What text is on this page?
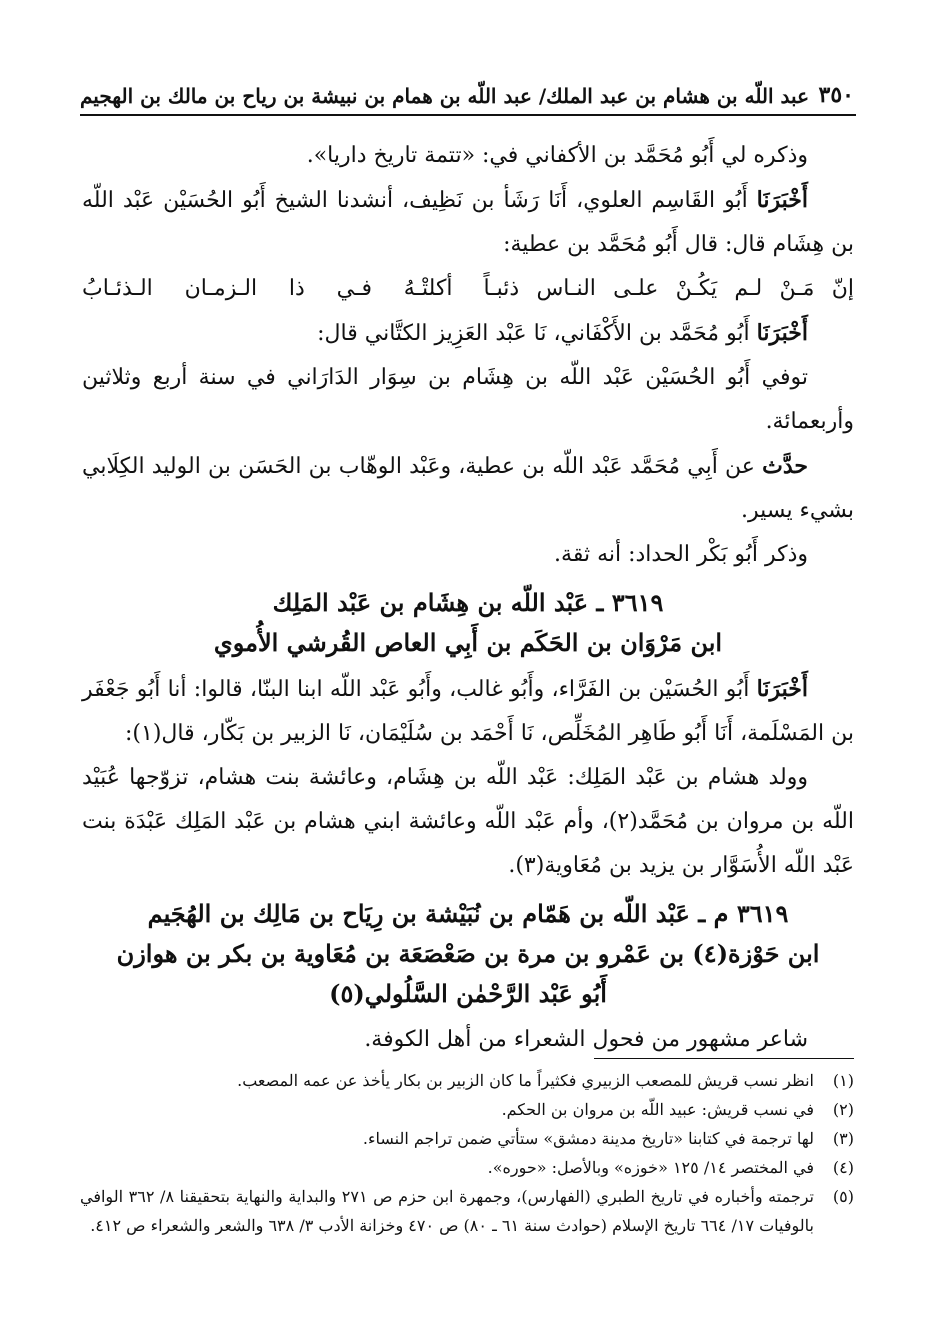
٣٥٠
عبد اللّه بن هشام بن عبد الملك/ عبد اللّه بن همام بن نبيشة بن رياح بن مالك بن الهجيم

وذكره لي أَبُو مُحَمَّد بن الأكفاني في: «تتمة تاريخ داريا».

أَخْبَرَنَا أَبُو القَاسِم العلوي، أَنَا رَشَأ بن نَظِيف، أنشدنا الشيخ أَبُو الحُسَيْن عَبْد اللّه بن هِشَام قال: قال أَبُو مُحَمَّد بن عطية:

إنّ مَـنْ لـم يَكُـنْ علـى النـاس ذئبـاً
أكلتْـهُ فـي ذا الـزمـان الـذئـابُ

أَخْبَرَنَا أَبُو مُحَمَّد بن الأَكْفَاني، نَا عَبْد العَزِيز الكتَّاني قال:

توفي أَبُو الحُسَيْن عَبْد اللّه بن هِشَام بن سِوَار الدَارَاني في سنة أربع وثلاثين وأربعمائة.

حدَّث عن أَبِي مُحَمَّد عَبْد اللّه بن عطية، وعَبْد الوهّاب بن الحَسَن بن الوليد الكِلَابي بشيء يسير.

وذكر أَبُو بَكْر الحداد: أنه ثقة.

٣٦١٩ ـ عَبْد اللّه بن هِشَام بن عَبْد المَلِك
ابن مَرْوَان بن الحَكَم بن أَبِي العاص القُرشي الأُموي

أَخْبَرَنَا أَبُو الحُسَيْن بن الفَرَّاء، وأَبُو غالب، وأَبُو عَبْد اللّه ابنا البنّا، قالوا: أنا أَبُو جَعْفَر بن المَسْلَمة، أَنَا أَبُو طَاهِر المُخَلِّص، نَا أَحْمَد بن سُلَيْمَان، نَا الزبير بن بَكّار، قال(١):

وولد هشام بن عَبْد المَلِك: عَبْد اللّه بن هِشَام، وعائشة بنت هشام، تزوّجها عُبَيْد اللّه بن مروان بن مُحَمَّد(٢)، وأم عَبْد اللّه وعائشة ابني هشام بن عَبْد المَلِك عَبْدَة بنت عَبْد اللّه الأُسَوَّار بن يزيد بن مُعَاوية(٣).

٣٦١٩ م ـ عَبْد اللّه بن هَمّام بن نُبَيْشة بن رِيَاح بن مَالِك بن الهُجَيم
ابن حَوْزة(٤) بن عَمْرو بن مرة بن صَعْصَعَة بن مُعَاوية بن بكر بن هوازن
أَبُو عَبْد الرَّحْمٰن السَّلُولي(٥)

شاعر مشهور من فحول الشعراء من أهل الكوفة.

(١)
انظر نسب قريش للمصعب الزبيري فكثيراً ما كان الزبير بن بكار يأخذ عن عمه المصعب.
(٢)
في نسب قريش: عبيد اللّه بن مروان بن الحكم.
(٣)
لها ترجمة في كتابنا «تاريخ مدينة دمشق» ستأتي ضمن تراجم النساء.
(٤)
في المختصر ١٤/ ١٢٥ «خوزه» وبالأصل: «حوره».
(٥)
ترجمته وأخباره في تاريخ الطبري (الفهارس)، وجمهرة ابن حزم ص ٢٧١ والبداية والنهاية بتحقيقنا ٨/ ٣٦٢ الوافي بالوفيات ١٧/ ٦٦٤ تاريخ الإسلام (حوادث سنة ٦١ ـ ٨٠) ص ٤٧٠ وخزانة الأدب ٣/ ٦٣٨ والشعر والشعراء ص ٤١٢.
